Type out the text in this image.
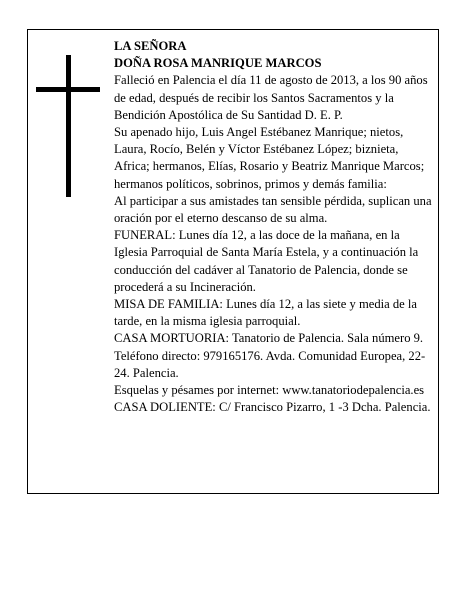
LA SEÑORA

DOÑA ROSA MANRIQUE MARCOS

Falleció en Palencia el día 11 de agosto de 2013, a los 90 años de edad, después de recibir los Santos Sacramentos y la Bendición Apostólica de Su Santidad D. E. P.

Su apenado hijo, Luis Angel Estébanez Manrique; nietos, Laura, Rocío, Belén y Víctor Estébanez López; biznieta, Africa; hermanos, Elías, Rosario y Beatriz Manrique Marcos; hermanos políticos, sobrinos, primos y demás familia:

Al participar a sus amistades tan sensible pérdida, suplican una oración por el eterno descanso de su alma.

FUNERAL: Lunes día 12, a las doce de la mañana, en la Iglesia Parroquial de Santa María Estela, y a continuación la conducción del cadáver al Tanatorio de Palencia, donde se procederá a su Incineración.

MISA DE FAMILIA: Lunes día 12, a las siete y media de la tarde, en la misma iglesia parroquial.

CASA MORTUORIA: Tanatorio de Palencia. Sala número 9. Teléfono directo: 979165176. Avda. Comunidad Europea, 22-24. Palencia.

Esquelas y pésames por internet: www.tanatoriodepalencia.es

CASA DOLIENTE: C/ Francisco Pizarro, 1 -3 Dcha. Palencia.
